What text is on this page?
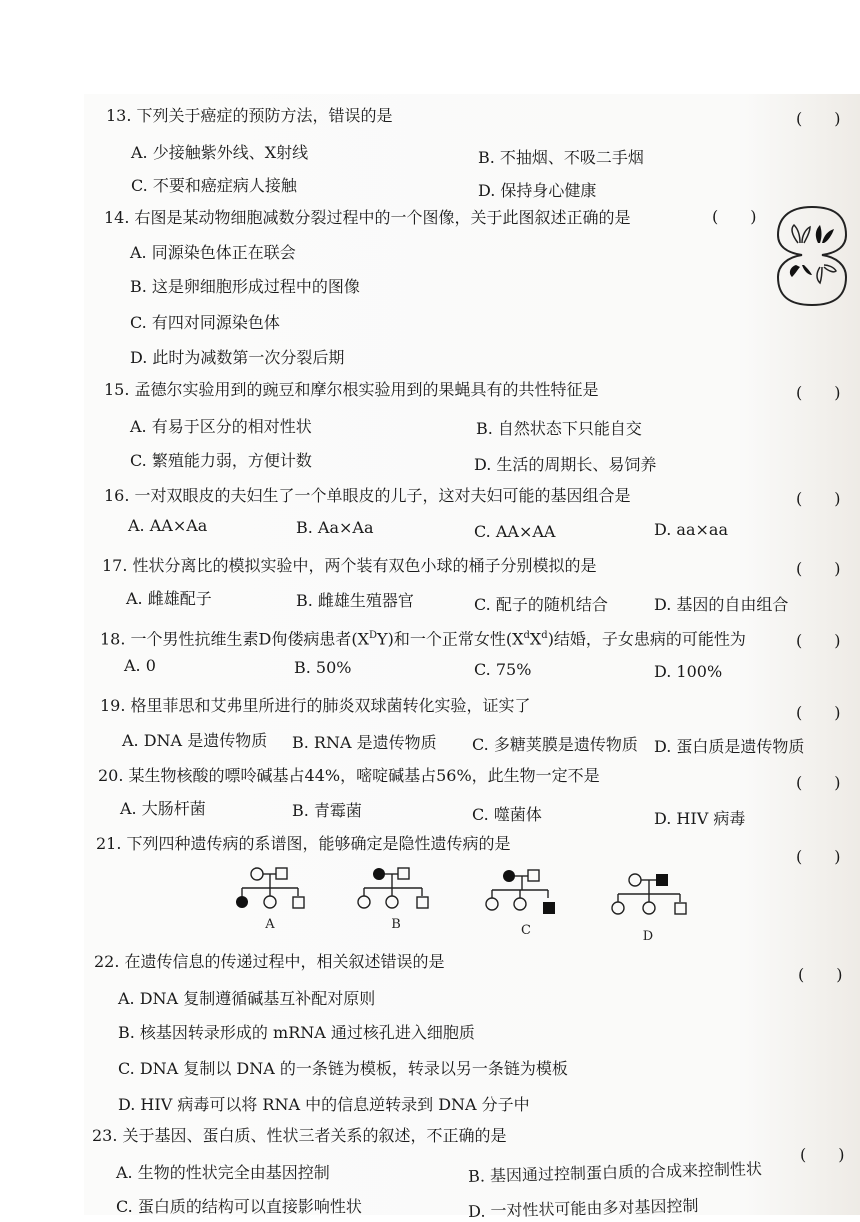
13. 下列关于癌症的预防方法，错误的是	(　　)
A. 少接触紫外线、X射线	B. 不抽烟、不吸二手烟
C. 不要和癌症病人接触	D. 保持身心健康
14. 右图是某动物细胞减数分裂过程中的一个图像，关于此图叙述正确的是	(　　)
A. 同源染色体正在联会
B. 这是卵细胞形成过程中的图像
C. 有四对同源染色体
D. 此时为减数第一次分裂后期
15. 孟德尔实验用到的豌豆和摩尔根实验用到的果蝇具有的共性特征是	(　　)
A. 有易于区分的相对性状	B. 自然状态下只能自交
C. 繁殖能力弱，方便计数	D. 生活的周期长、易饲养
16. 一对双眼皮的夫妇生了一个单眼皮的儿子，这对夫妇可能的基因组合是	(　　)
A. AA×Aa	B. Aa×Aa	C. AA×AA	D. aa×aa
17. 性状分离比的模拟实验中，两个装有双色小球的桶子分别模拟的是	(　　)
A. 雌雄配子	B. 雌雄生殖器官	C. 配子的随机结合	D. 基因的自由组合
18. 一个男性抗维生素D佝偻病患者$(X^DY)$和一个正常女性$(X^dX^d)$结婚，子女患病的可能性为	(　　)
A. 0	B. 50%	C. 75%	D. 100%
19. 格里菲思和艾弗里所进行的肺炎双球菌转化实验，证实了	(　　)
A. DNA 是遗传物质 B. RNA 是遗传物质 C. 多糖荚膜是遗传物质 D. 蛋白质是遗传物质
20. 某生物核酸的嘌呤碱基占44%，嘧啶碱基占56%，此生物一定不是	(　　)
A. 大肠杆菌	B. 青霉菌	C. 噬菌体	D. HIV 病毒
21. 下列四种遗传病的系谱图，能够确定是隐性遗传病的是
(　　)
A	B	C	D
22. 在遗传信息的传递过程中，相关叙述错误的是
(　　)
A. DNA 复制遵循碱基互补配对原则
B. 核基因转录形成的 mRNA 通过核孔进入细胞质
C. DNA 复制以 DNA 的一条链为模板，转录以另一条链为模板
D. HIV 病毒可以将 RNA 中的信息逆转录到 DNA 分子中
23. 关于基因、蛋白质、性状三者关系的叙述，不正确的是
(　　)
A. 生物的性状完全由基因控制	B. 基因通过控制蛋白质的合成来控制性状
C. 蛋白质的结构可以直接影响性状	D. 一对性状可能由多对基因控制
